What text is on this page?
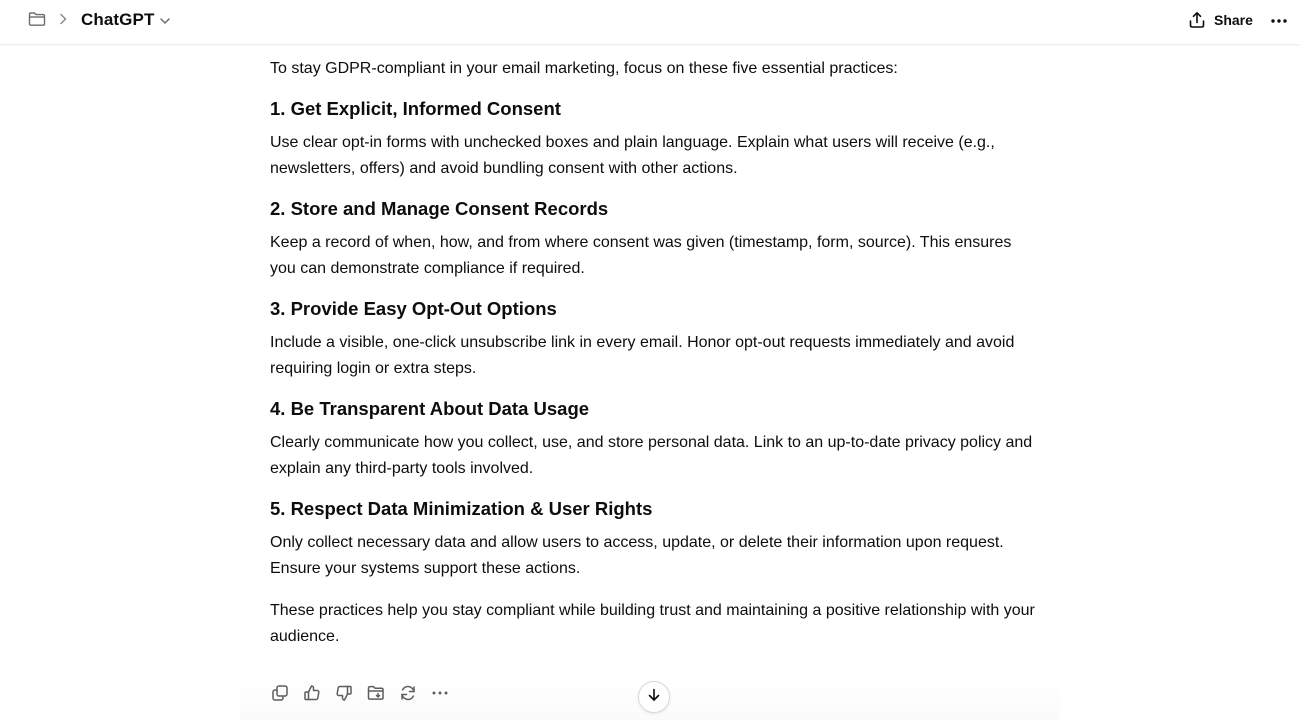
ChatGPT	Share

To stay GDPR-compliant in your email marketing, focus on these five essential practices:

1. Get Explicit, Informed Consent

Use clear opt-in forms with unchecked boxes and plain language. Explain what users will receive (e.g., newsletters, offers) and avoid bundling consent with other actions.

2. Store and Manage Consent Records

Keep a record of when, how, and from where consent was given (timestamp, form, source). This ensures you can demonstrate compliance if required.

3. Provide Easy Opt-Out Options

Include a visible, one-click unsubscribe link in every email. Honor opt-out requests immediately and avoid requiring login or extra steps.

4. Be Transparent About Data Usage

Clearly communicate how you collect, use, and store personal data. Link to an up-to-date privacy policy and explain any third-party tools involved.

5. Respect Data Minimization & User Rights

Only collect necessary data and allow users to access, update, or delete their information upon request. Ensure your systems support these actions.

These practices help you stay compliant while building trust and maintaining a positive relationship with your audience.
